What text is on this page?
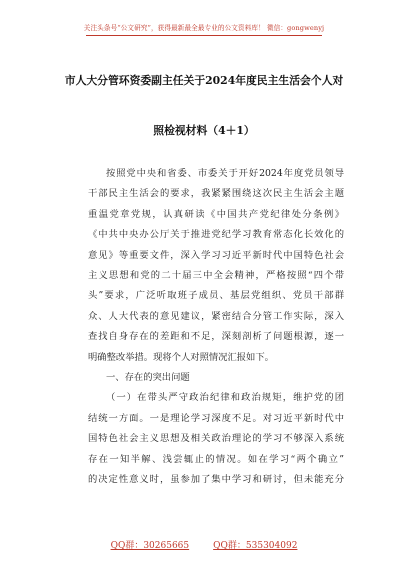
关注头条号“公文研究”，获得最新最全最专业的公文资料库！ 微信：gongwenyj
市人大分管环资委副主任关于2024年度民主生活会个人对
照检视材料（4＋1）
按照党中央和省委、市委关于开好2024年度党员领导
干部民主生活会的要求，我紧紧围绕这次民主生活会主题
重温党章党规，认真研读《中国共产党纪律处分条例》
《中共中央办公厅关于推进党纪学习教育常态化长效化的
意见》等重要文件，深入学习习近平新时代中国特色社会
主义思想和党的二十届三中全会精神，严格按照“四个带
头”要求，广泛听取班子成员、基层党组织、党员干部群
众、人大代表的意见建议，紧密结合分管工作实际，深入
查找自身存在的差距和不足，深刻剖析了问题根源，逐一
明确整改举措。现将个人对照情况汇报如下。
一、存在的突出问题
（一）在带头严守政治纪律和政治规矩，维护党的团
结统一方面。一是理论学习深度不足。对习近平新时代中
国特色社会主义思想及相关政治理论的学习不够深入系统
存在一知半解、浅尝辄止的情况。如在学习“两个确立”
的决定性意义时，虽参加了集中学习和研讨，但未能充分
QQ群：30265665	QQ群：535304092
